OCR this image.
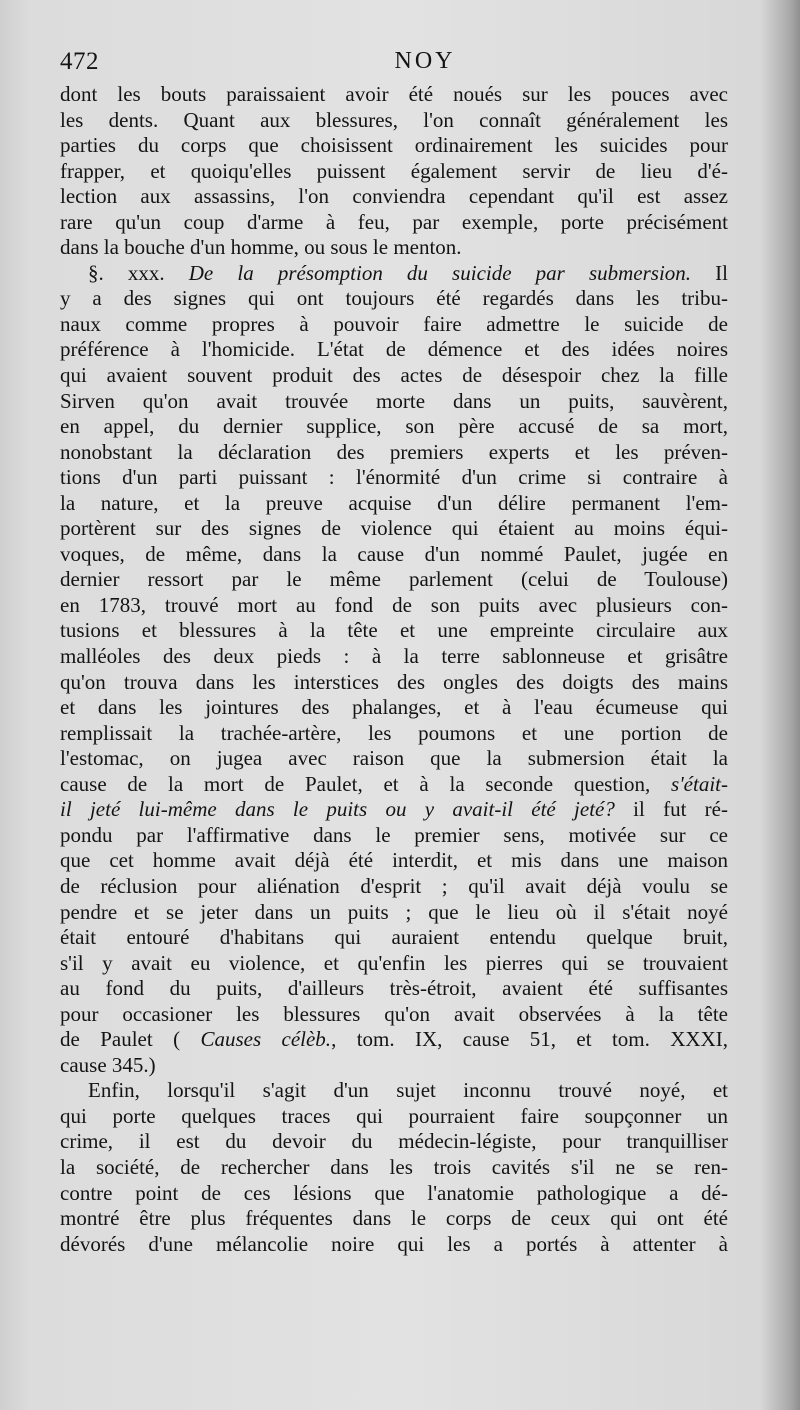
472	NOY
dont les bouts paraissaient avoir été noués sur les pouces avec
les dents. Quant aux blessures, l'on connaît généralement les
parties du corps que choisissent ordinairement les suicides pour
frapper, et quoiqu'elles puissent également servir de lieu d'é-
lection aux assassins, l'on conviendra cependant qu'il est assez
rare qu'un coup d'arme à feu, par exemple, porte précisément
dans la bouche d'un homme, ou sous le menton.
§. xxx. De la présomption du suicide par submersion. Il
y a des signes qui ont toujours été regardés dans les tribu-
naux comme propres à pouvoir faire admettre le suicide de
préférence à l'homicide. L'état de démence et des idées noires
qui avaient souvent produit des actes de désespoir chez la fille
Sirven qu'on avait trouvée morte dans un puits, sauvèrent,
en appel, du dernier supplice, son père accusé de sa mort,
nonobstant la déclaration des premiers experts et les préven-
tions d'un parti puissant : l'énormité d'un crime si contraire à
la nature, et la preuve acquise d'un délire permanent l'em-
portèrent sur des signes de violence qui étaient au moins équi-
voques, de même, dans la cause d'un nommé Paulet, jugée en
dernier ressort par le même parlement (celui de Toulouse)
en 1783, trouvé mort au fond de son puits avec plusieurs con-
tusions et blessures à la tête et une empreinte circulaire aux
malléoles des deux pieds : à la terre sablonneuse et grisâtre
qu'on trouva dans les interstices des ongles des doigts des mains
et dans les jointures des phalanges, et à l'eau écumeuse qui
remplissait la trachée-artère, les poumons et une portion de
l'estomac, on jugea avec raison que la submersion était la
cause de la mort de Paulet, et à la seconde question, s'était-
il jeté lui-même dans le puits ou y avait-il été jeté? il fut ré-
pondu par l'affirmative dans le premier sens, motivée sur ce
que cet homme avait déjà été interdit, et mis dans une maison
de réclusion pour aliénation d'esprit ; qu'il avait déjà voulu se
pendre et se jeter dans un puits ; que le lieu où il s'était noyé
était entouré d'habitans qui auraient entendu quelque bruit,
s'il y avait eu violence, et qu'enfin les pierres qui se trouvaient
au fond du puits, d'ailleurs très-étroit, avaient été suffisantes
pour occasioner les blessures qu'on avait observées à la tête
de Paulet ( Causes célèb., tom. IX, cause 51, et tom. XXXI,
cause 345.)
Enfin, lorsqu'il s'agit d'un sujet inconnu trouvé noyé, et
qui porte quelques traces qui pourraient faire soupçonner un
crime, il est du devoir du médecin-légiste, pour tranquilliser
la société, de rechercher dans les trois cavités s'il ne se ren-
contre point de ces lésions que l'anatomie pathologique a dé-
montré être plus fréquentes dans le corps de ceux qui ont été
dévorés d'une mélancolie noire qui les a portés à attenter à
